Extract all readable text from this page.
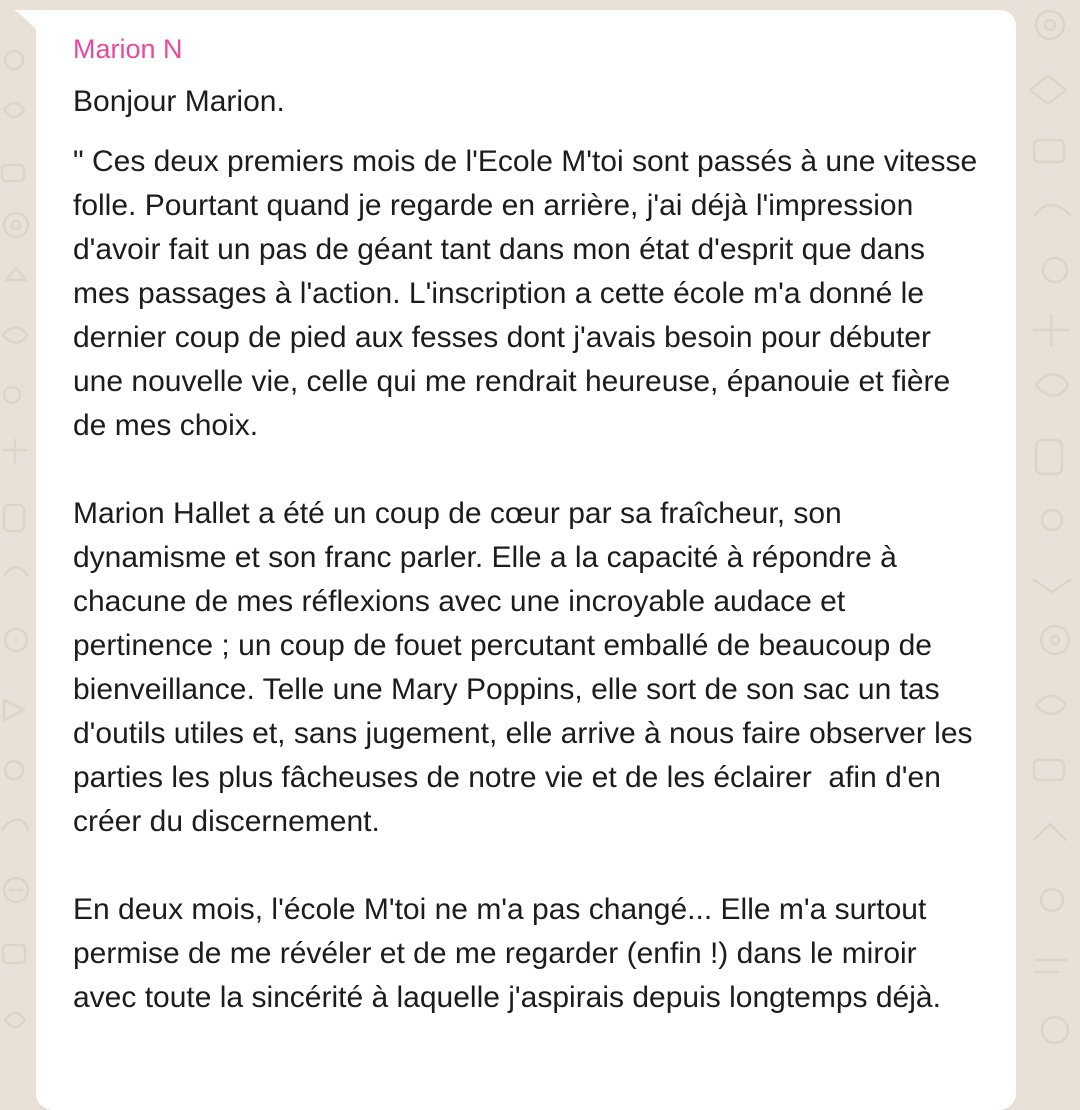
Marion N
Bonjour Marion.
" Ces deux premiers mois de l'Ecole M'toi sont passés à une vitesse folle. Pourtant quand je regarde en arrière, j'ai déjà l'impression d'avoir fait un pas de géant tant dans mon état d'esprit que dans mes passages à l'action. L'inscription a cette école m'a donné le dernier coup de pied aux fesses dont j'avais besoin pour débuter une nouvelle vie, celle qui me rendrait heureuse, épanouie et fière de mes choix.
Marion Hallet a été un coup de cœur par sa fraîcheur, son dynamisme et son franc parler. Elle a la capacité à répondre à chacune de mes réflexions avec une incroyable audace et pertinence ; un coup de fouet percutant emballé de beaucoup de bienveillance. Telle une Mary Poppins, elle sort de son sac un tas d'outils utiles et, sans jugement, elle arrive à nous faire observer les parties les plus fâcheuses de notre vie et de les éclairer  afin d'en créer du discernement.
En deux mois, l'école M'toi ne m'a pas changé... Elle m'a surtout permise de me révéler et de me regarder (enfin !) dans le miroir avec toute la sincérité à laquelle j'aspirais depuis longtemps déjà.
